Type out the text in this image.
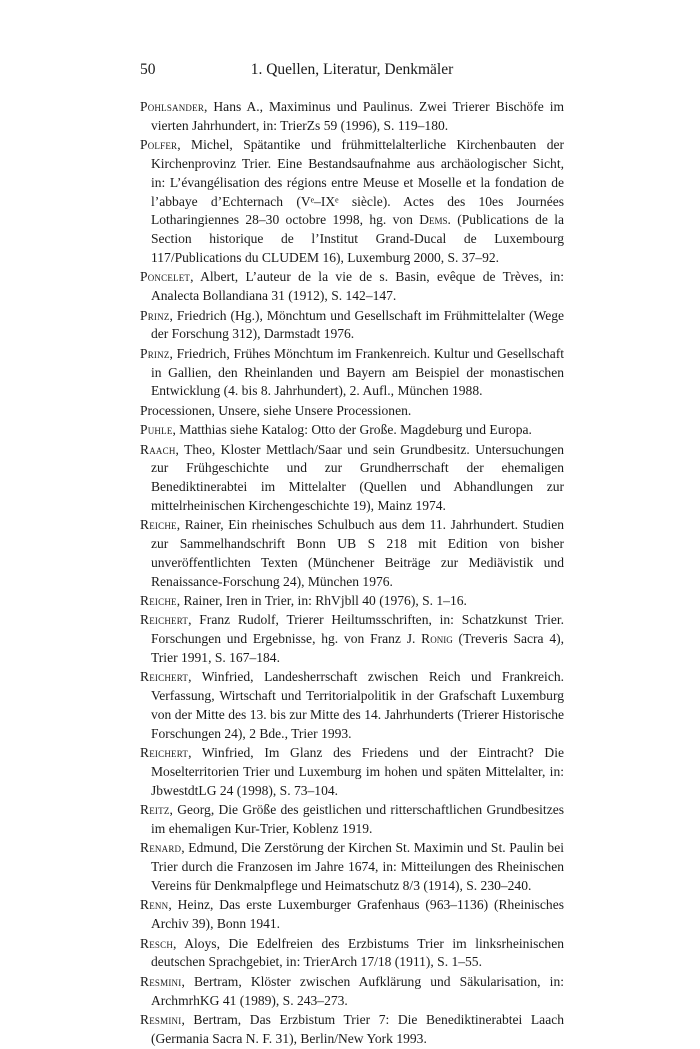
50	1. Quellen, Literatur, Denkmäler

Pohlsander, Hans A., Maximinus und Paulinus. Zwei Trierer Bischöfe im vierten Jahrhundert, in: TrierZs 59 (1996), S. 119–180.

Polfer, Michel, Spätantike und frühmittelalterliche Kirchenbauten der Kirchenprovinz Trier. Eine Bestandsaufnahme aus archäologischer Sicht, in: L’évangélisation des régions entre Meuse et Moselle et la fondation de l’abbaye d’Echternach (Vᵉ–IXᵉ siècle). Actes des 10es Journées Lotharingiennes 28–30 octobre 1998, hg. von Dems. (Publications de la Section historique de l’Institut Grand-Ducal de Luxembourg 117/Publications du CLUDEM 16), Luxemburg 2000, S. 37–92.

Poncelet, Albert, L’auteur de la vie de s. Basin, evêque de Trèves, in: Analecta Bollandiana 31 (1912), S. 142–147.

Prinz, Friedrich (Hg.), Mönchtum und Gesellschaft im Frühmittelalter (Wege der Forschung 312), Darmstadt 1976.

Prinz, Friedrich, Frühes Mönchtum im Frankenreich. Kultur und Gesellschaft in Gallien, den Rheinlanden und Bayern am Beispiel der monastischen Entwicklung (4. bis 8. Jahrhundert), 2. Aufl., München 1988.

Processionen, Unsere, siehe Unsere Processionen.

Puhle, Matthias siehe Katalog: Otto der Große. Magdeburg und Europa.

Raach, Theo, Kloster Mettlach/Saar und sein Grundbesitz. Untersuchungen zur Frühgeschichte und zur Grundherrschaft der ehemaligen Benediktinerabtei im Mittelalter (Quellen und Abhandlungen zur mittelrheinischen Kirchengeschichte 19), Mainz 1974.

Reiche, Rainer, Ein rheinisches Schulbuch aus dem 11. Jahrhundert. Studien zur Sammelhandschrift Bonn UB S 218 mit Edition von bisher unveröffentlichten Texten (Münchener Beiträge zur Mediävistik und Renaissance-Forschung 24), München 1976.

Reiche, Rainer, Iren in Trier, in: RhVjbll 40 (1976), S. 1–16.

Reichert, Franz Rudolf, Trierer Heiltumsschriften, in: Schatzkunst Trier. Forschungen und Ergebnisse, hg. von Franz J. Ronig (Treveris Sacra 4), Trier 1991, S. 167–184.

Reichert, Winfried, Landesherrschaft zwischen Reich und Frankreich. Verfassung, Wirtschaft und Territorialpolitik in der Grafschaft Luxemburg von der Mitte des 13. bis zur Mitte des 14. Jahrhunderts (Trierer Historische Forschungen 24), 2 Bde., Trier 1993.

Reichert, Winfried, Im Glanz des Friedens und der Eintracht? Die Moselterritorien Trier und Luxemburg im hohen und späten Mittelalter, in: JbwestdtLG 24 (1998), S. 73–104.

Reitz, Georg, Die Größe des geistlichen und ritterschaftlichen Grundbesitzes im ehemaligen Kur-Trier, Koblenz 1919.

Renard, Edmund, Die Zerstörung der Kirchen St. Maximin und St. Paulin bei Trier durch die Franzosen im Jahre 1674, in: Mitteilungen des Rheinischen Vereins für Denkmalpflege und Heimatschutz 8/3 (1914), S. 230–240.

Renn, Heinz, Das erste Luxemburger Grafenhaus (963–1136) (Rheinisches Archiv 39), Bonn 1941.

Resch, Aloys, Die Edelfreien des Erzbistums Trier im linksrheinischen deutschen Sprachgebiet, in: TrierArch 17/18 (1911), S. 1–55.

Resmini, Bertram, Klöster zwischen Aufklärung und Säkularisation, in: ArchmrhKG 41 (1989), S. 243–273.

Resmini, Bertram, Das Erzbistum Trier 7: Die Benediktinerabtei Laach (Germania Sacra N. F. 31), Berlin/New York 1993.
